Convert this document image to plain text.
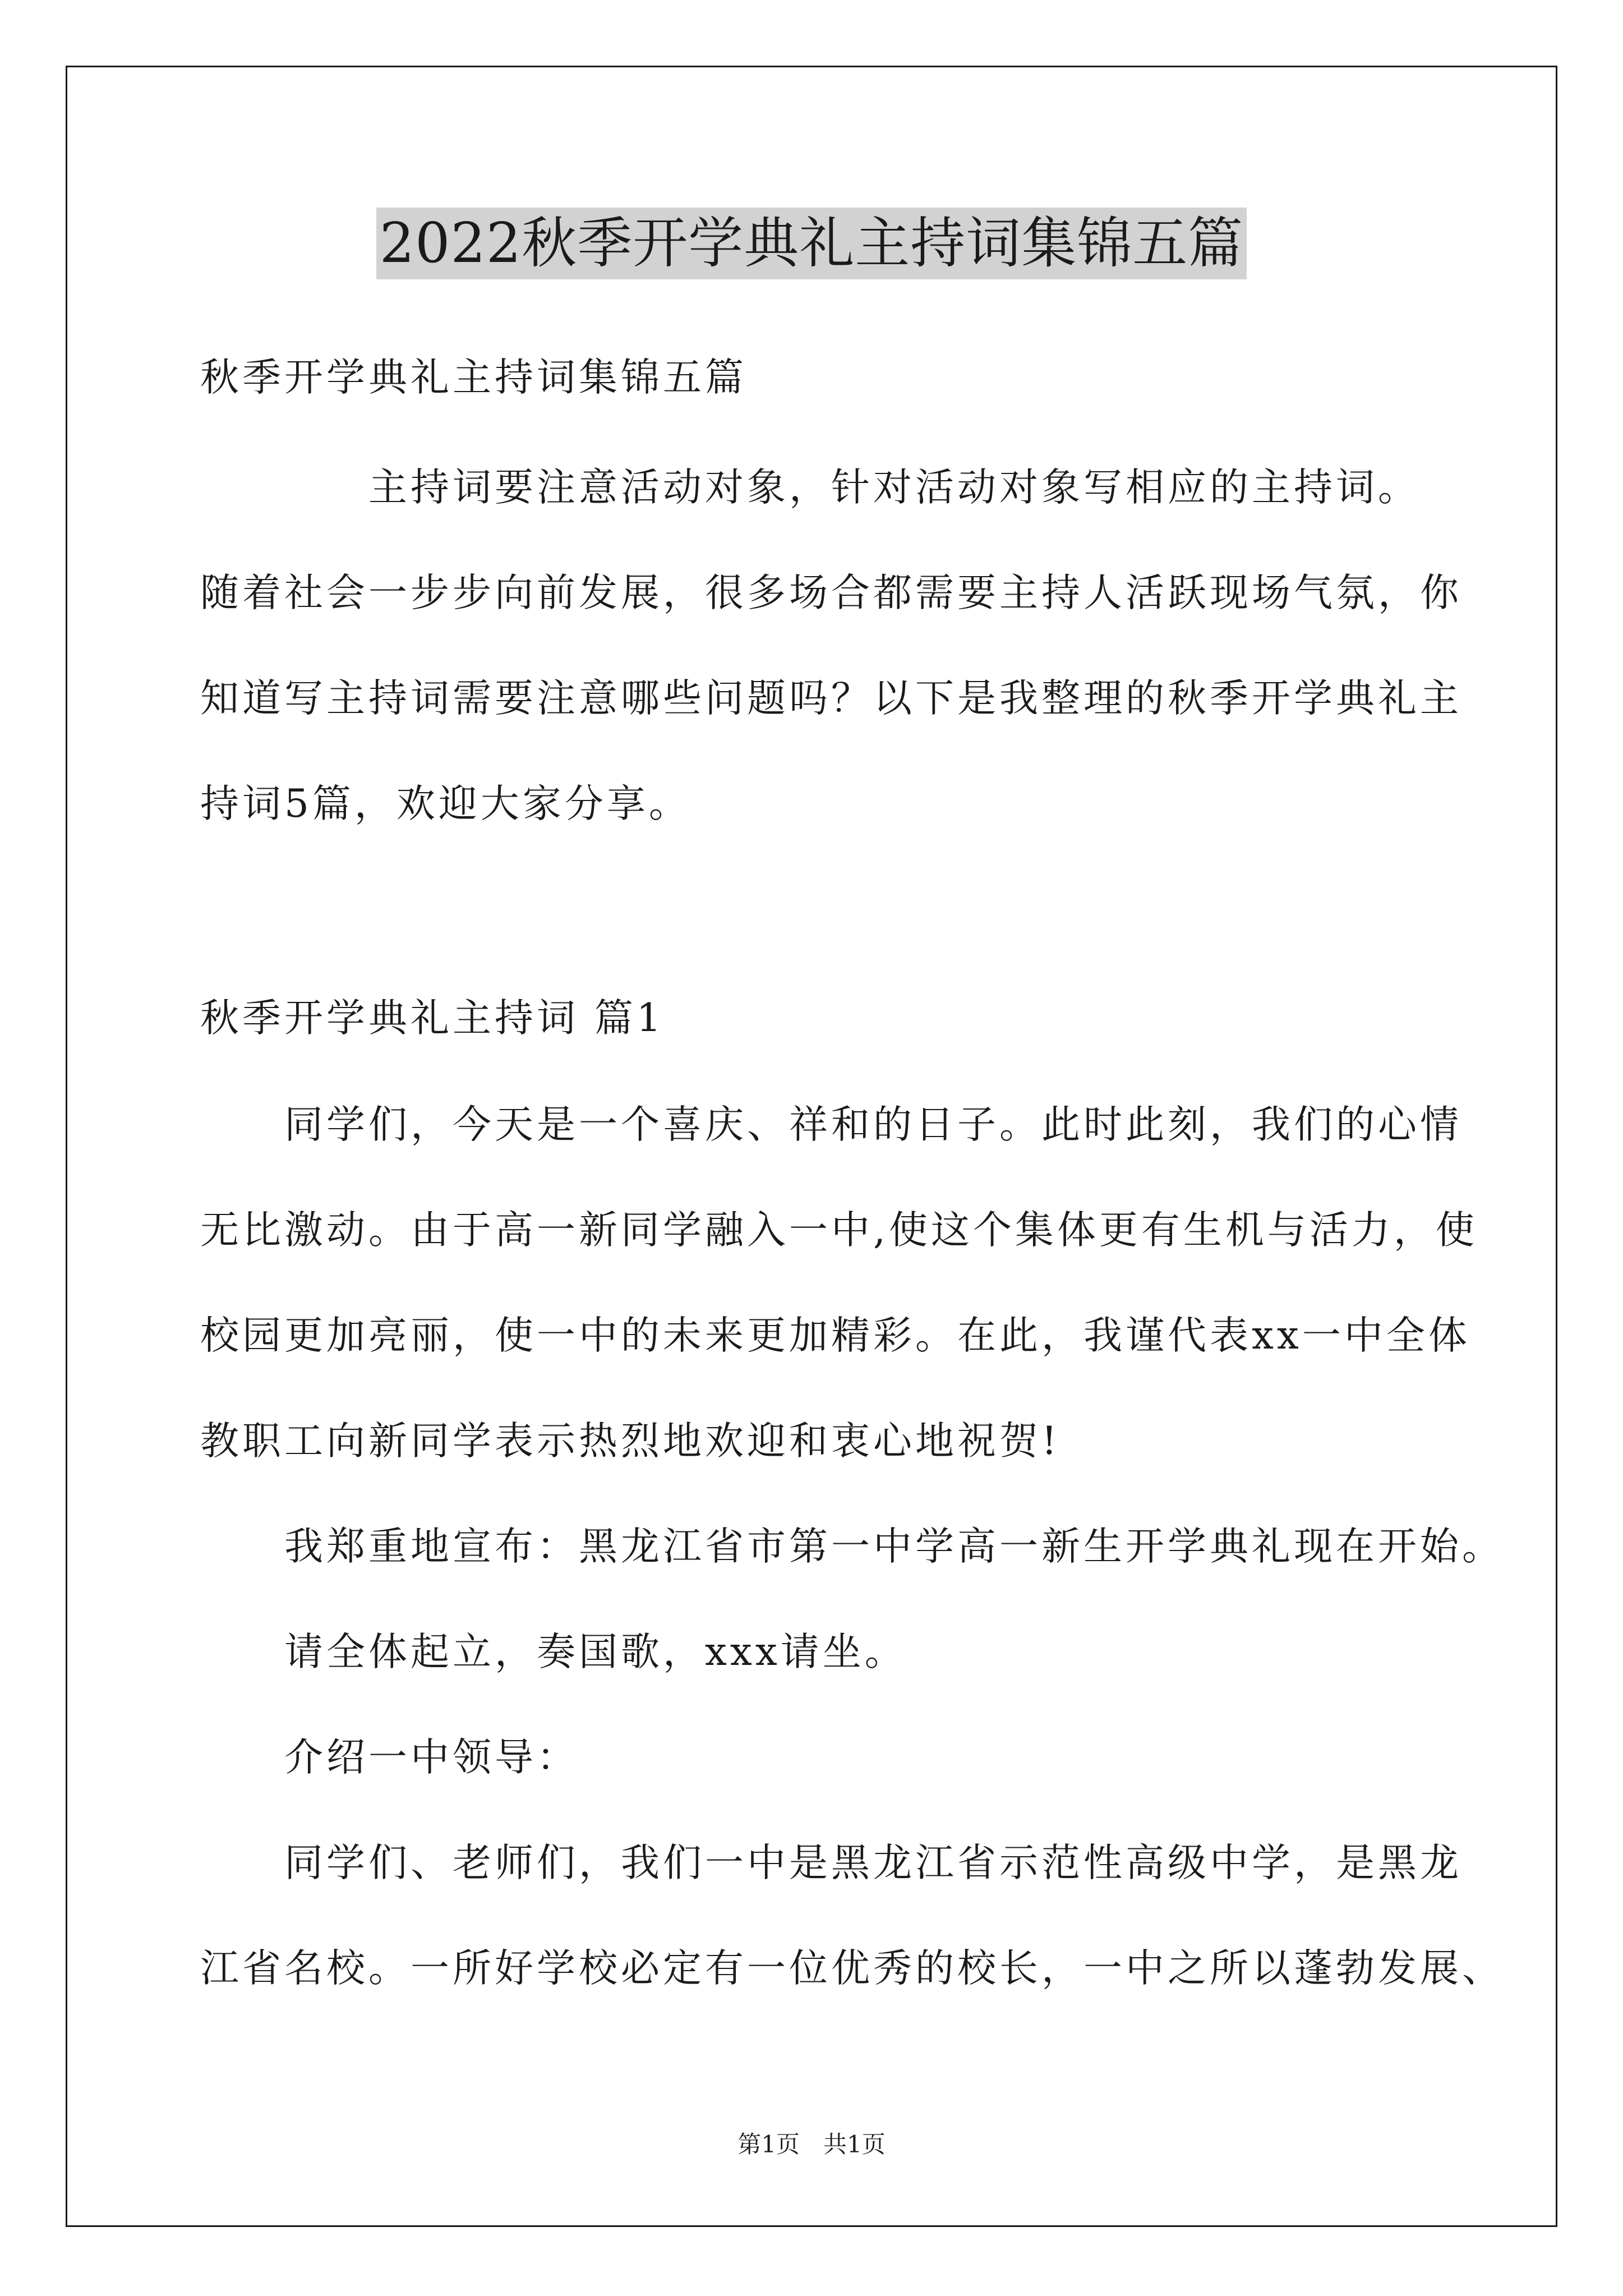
2022秋季开学典礼主持词集锦五篇
秋季开学典礼主持词集锦五篇
　　　　主持词要注意活动对象，针对活动对象写相应的主持词。
随着社会一步步向前发展，很多场合都需要主持人活跃现场气氛，你
知道写主持词需要注意哪些问题吗？以下是我整理的秋季开学典礼主
持词5篇，欢迎大家分享。
秋季开学典礼主持词 篇1
　　同学们，今天是一个喜庆、祥和的日子。此时此刻，我们的心情
无比激动。由于高一新同学融入一中,使这个集体更有生机与活力，使
校园更加亮丽，使一中的未来更加精彩。在此，我谨代表xx一中全体
教职工向新同学表示热烈地欢迎和衷心地祝贺!
　　我郑重地宣布：黑龙江省市第一中学高一新生开学典礼现在开始。
　　请全体起立，奏国歌，xxx请坐。
　　介绍一中领导：
　　同学们、老师们，我们一中是黑龙江省示范性高级中学，是黑龙
江省名校。一所好学校必定有一位优秀的校长，一中之所以蓬勃发展、
第1页　共1页
